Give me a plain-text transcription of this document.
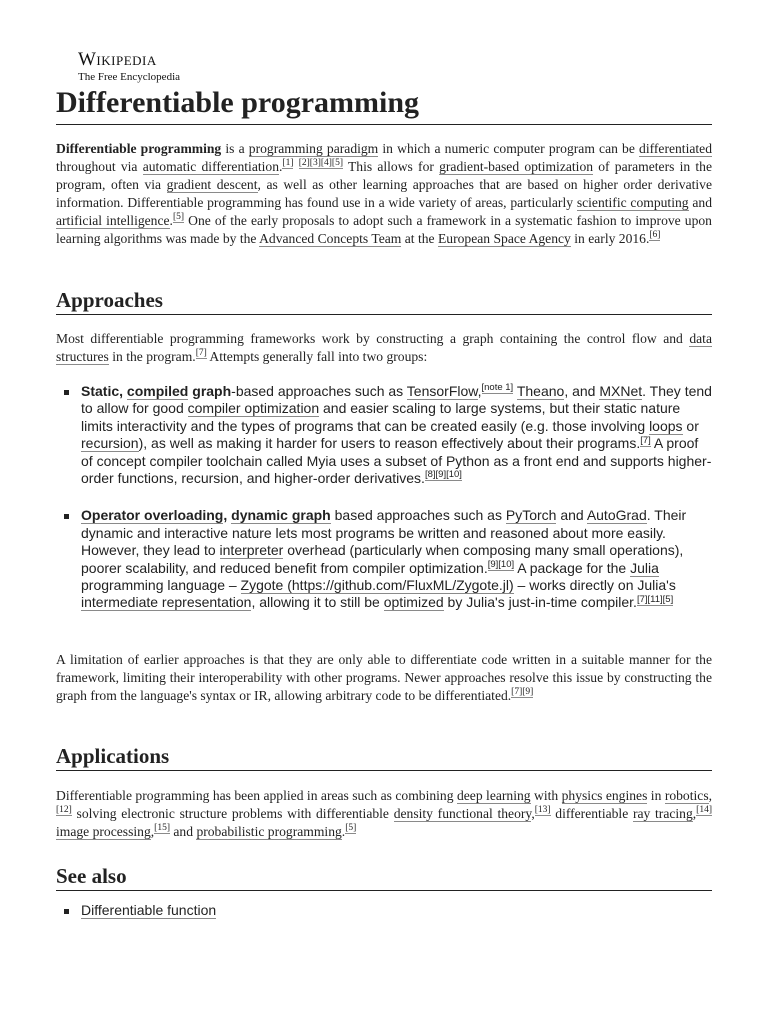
Wikipedia
The Free Encyclopedia
Differentiable programming

Differentiable programming is a programming paradigm in which a numeric computer program can be differentiated throughout via automatic differentiation.[1] [2][3][4][5] This allows for gradient-based optimization of parameters in the program, often via gradient descent, as well as other learning approaches that are based on higher order derivative information. Differentiable programming has found use in a wide variety of areas, particularly scientific computing and artificial intelligence.[5] One of the early proposals to adopt such a framework in a systematic fashion to improve upon learning algorithms was made by the Advanced Concepts Team at the European Space Agency in early 2016.[6]

Approaches

Most differentiable programming frameworks work by constructing a graph containing the control flow and data structures in the program.[7] Attempts generally fall into two groups:

Static, compiled graph-based approaches such as TensorFlow,[note 1] Theano, and MXNet. They tend to allow for good compiler optimization and easier scaling to large systems, but their static nature limits interactivity and the types of programs that can be created easily (e.g. those involving loops or recursion), as well as making it harder for users to reason effectively about their programs.[7] A proof of concept compiler toolchain called Myia uses a subset of Python as a front end and supports higher-order functions, recursion, and higher-order derivatives.[8][9][10]
Operator overloading, dynamic graph based approaches such as PyTorch and AutoGrad. Their dynamic and interactive nature lets most programs be written and reasoned about more easily. However, they lead to interpreter overhead (particularly when composing many small operations), poorer scalability, and reduced benefit from compiler optimization.[9][10] A package for the Julia programming language – Zygote (https://github.com/FluxML/Zygote.jl) – works directly on Julia's intermediate representation, allowing it to still be optimized by Julia's just-in-time compiler.[7][11][5]

A limitation of earlier approaches is that they are only able to differentiate code written in a suitable manner for the framework, limiting their interoperability with other programs. Newer approaches resolve this issue by constructing the graph from the language's syntax or IR, allowing arbitrary code to be differentiated.[7][9]

Applications

Differentiable programming has been applied in areas such as combining deep learning with physics engines in robotics,[12] solving electronic structure problems with differentiable density functional theory,[13] differentiable ray tracing,[14] image processing,[15] and probabilistic programming.[5]

See also
Differentiable function
